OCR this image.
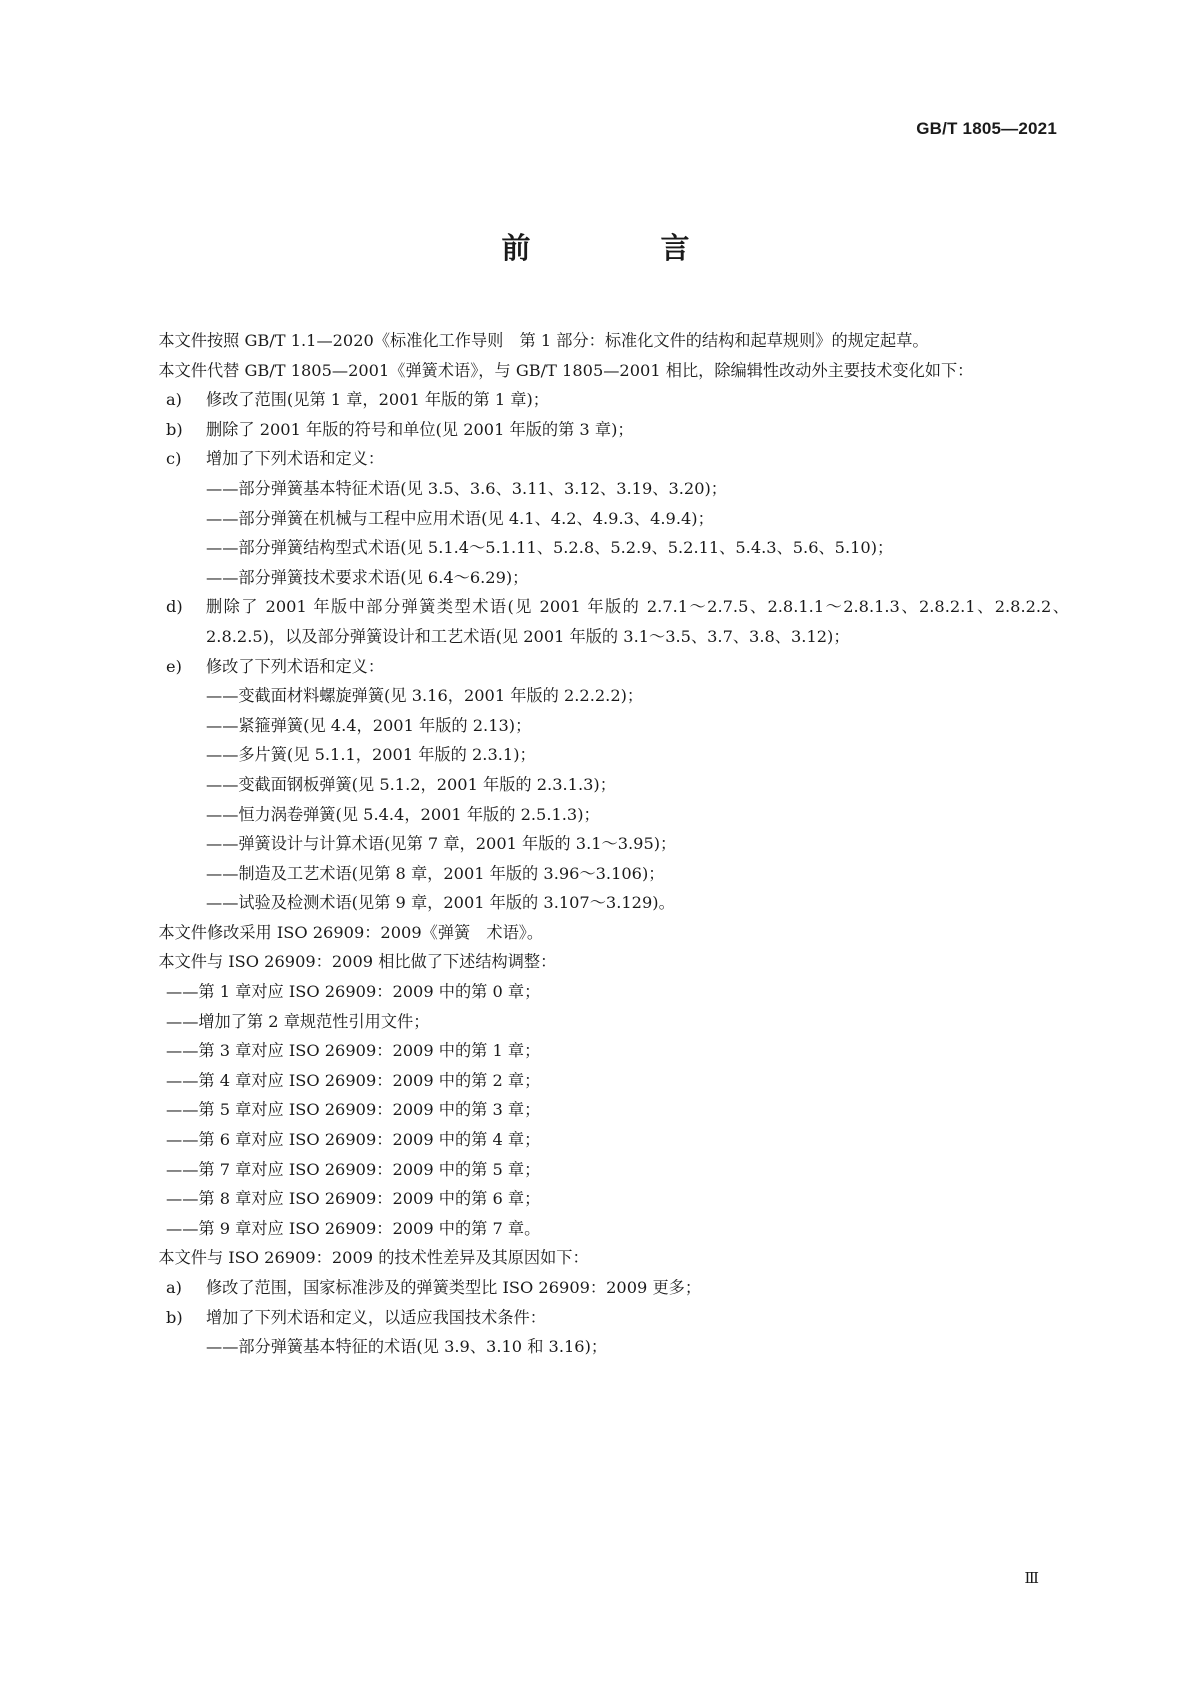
GB/T 1805—2021
前 言

本文件按照 GB/T 1.1—2020《标准化工作导则　第 1 部分：标准化文件的结构和起草规则》的规定起草。

本文件代替 GB/T 1805—2001《弹簧术语》，与 GB/T 1805—2001 相比，除编辑性改动外主要技术变化如下：

a) 修改了范围(见第 1 章，2001 年版的第 1 章)；
b) 删除了 2001 年版的符号和单位(见 2001 年版的第 3 章)；
c) 增加了下列术语和定义：

——部分弹簧基本特征术语(见 3.5、3.6、3.11、3.12、3.19、3.20)；

——部分弹簧在机械与工程中应用术语(见 4.1、4.2、4.9.3、4.9.4)；

——部分弹簧结构型式术语(见 5.1.4～5.1.11、5.2.8、5.2.9、5.2.11、5.4.3、5.6、5.10)；

——部分弹簧技术要求术语(见 6.4～6.29)；

d) 删除了 2001 年版中部分弹簧类型术语(见 2001 年版的 2.7.1～2.7.5、2.8.1.1～2.8.1.3、2.8.2.1、2.8.2.2、2.8.2.5)，以及部分弹簧设计和工艺术语(见 2001 年版的 3.1～3.5、3.7、3.8、3.12)；
e) 修改了下列术语和定义：

——变截面材料螺旋弹簧(见 3.16，2001 年版的 2.2.2.2)；

——紧箍弹簧(见 4.4，2001 年版的 2.13)；

——多片簧(见 5.1.1，2001 年版的 2.3.1)；

——变截面钢板弹簧(见 5.1.2，2001 年版的 2.3.1.3)；

——恒力涡卷弹簧(见 5.4.4，2001 年版的 2.5.1.3)；

——弹簧设计与计算术语(见第 7 章，2001 年版的 3.1～3.95)；

——制造及工艺术语(见第 8 章，2001 年版的 3.96～3.106)；

——试验及检测术语(见第 9 章，2001 年版的 3.107～3.129)。

本文件修改采用 ISO 26909：2009《弹簧　术语》。

本文件与 ISO 26909：2009 相比做了下述结构调整：

——第 1 章对应 ISO 26909：2009 中的第 0 章；

——增加了第 2 章规范性引用文件；

——第 3 章对应 ISO 26909：2009 中的第 1 章；

——第 4 章对应 ISO 26909：2009 中的第 2 章；

——第 5 章对应 ISO 26909：2009 中的第 3 章；

——第 6 章对应 ISO 26909：2009 中的第 4 章；

——第 7 章对应 ISO 26909：2009 中的第 5 章；

——第 8 章对应 ISO 26909：2009 中的第 6 章；

——第 9 章对应 ISO 26909：2009 中的第 7 章。

本文件与 ISO 26909：2009 的技术性差异及其原因如下：

a) 修改了范围，国家标准涉及的弹簧类型比 ISO 26909：2009 更多；
b) 增加了下列术语和定义，以适应我国技术条件：

——部分弹簧基本特征的术语(见 3.9、3.10 和 3.16)；

Ⅲ
